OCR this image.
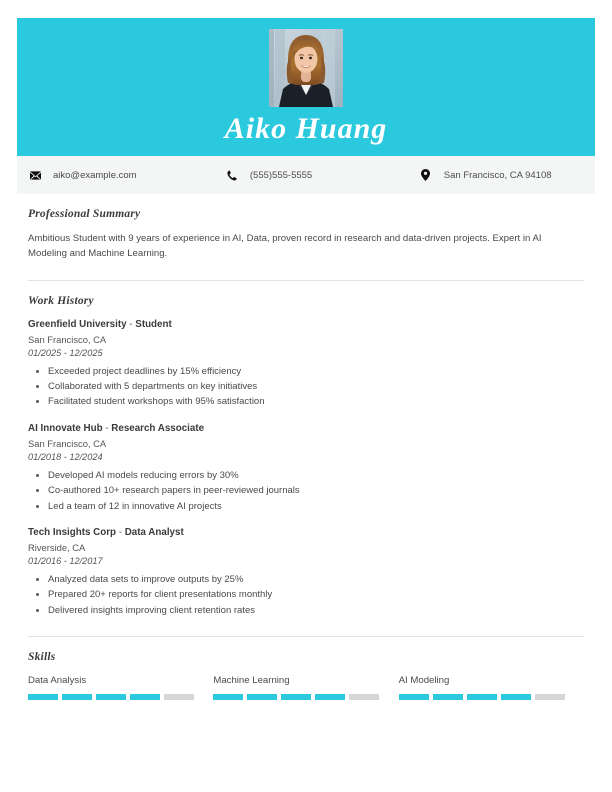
Aiko Huang
aiko@example.com	(555)555-5555	San Francisco, CA 94108
Professional Summary
Ambitious Student with 9 years of experience in AI, Data, proven record in research and data-driven projects. Expert in AI Modeling and Machine Learning.
Work History
Greenfield University - Student
San Francisco, CA
01/2025 - 12/2025
Exceeded project deadlines by 15% efficiency
Collaborated with 5 departments on key initiatives
Facilitated student workshops with 95% satisfaction
AI Innovate Hub - Research Associate
San Francisco, CA
01/2018 - 12/2024
Developed AI models reducing errors by 30%
Co-authored 10+ research papers in peer-reviewed journals
Led a team of 12 in innovative AI projects
Tech Insights Corp - Data Analyst
Riverside, CA
01/2016 - 12/2017
Analyzed data sets to improve outputs by 25%
Prepared 20+ reports for client presentations monthly
Delivered insights improving client retention rates
Skills
Data Analysis	Machine Learning	AI Modeling
